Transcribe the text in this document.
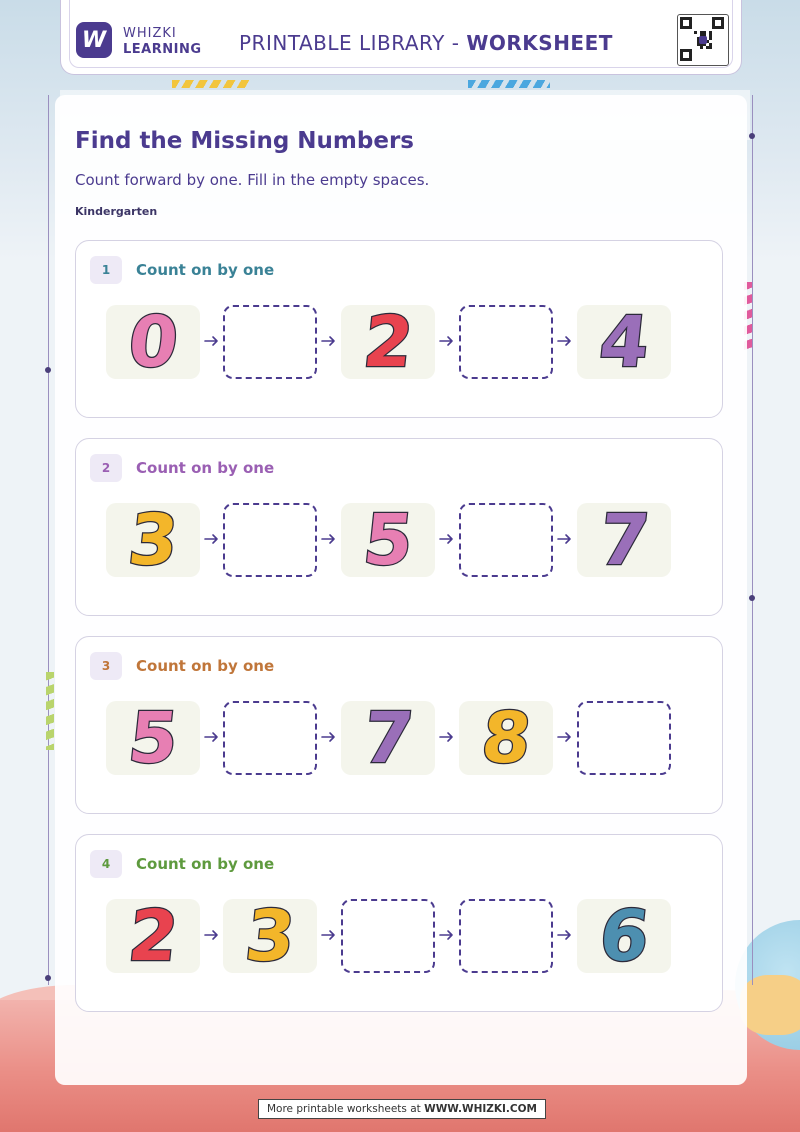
W	WHIZKI
LEARNING PRINTABLE LIBRARY - WORKSHEET
Find the Missing Numbers
Count forward by one. Fill in the empty spaces.
Kindergarten
1	Count on by one
0	2	4
2	Count on by one
3	5	7
3	Count on by one
5	7 8
4	Count on by one
2 3	6
More printable worksheets at WWW.WHIZKI.COM
